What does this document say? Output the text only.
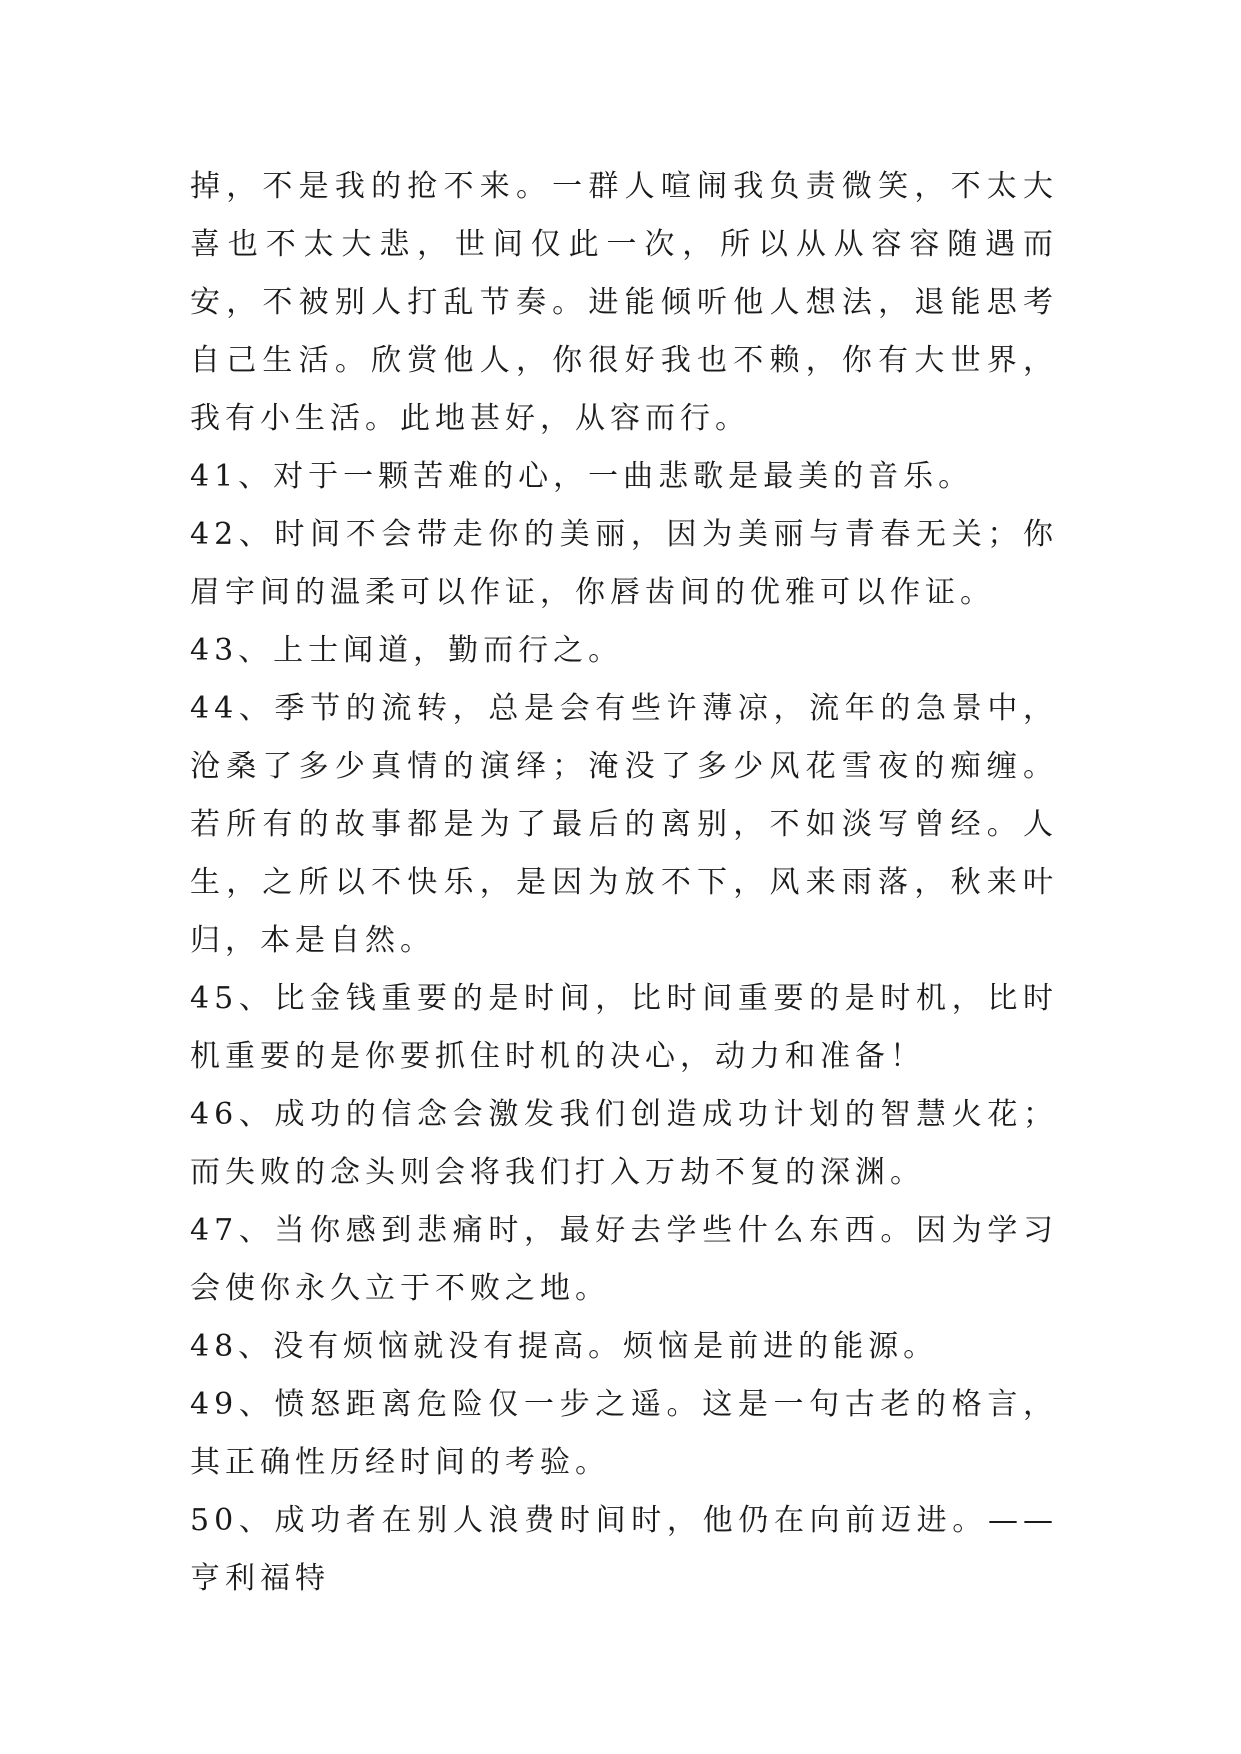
掉，不是我的抢不来。一群人喧闹我负责微笑，不太大喜也不太大悲，世间仅此一次，所以从从容容随遇而安，不被别人打乱节奏。进能倾听他人想法，退能思考自己生活。欣赏他人，你很好我也不赖，你有大世界，我有小生活。此地甚好，从容而行。

41、对于一颗苦难的心，一曲悲歌是最美的音乐。

42、时间不会带走你的美丽，因为美丽与青春无关；你眉宇间的温柔可以作证，你唇齿间的优雅可以作证。

43、上士闻道，勤而行之。

44、季节的流转，总是会有些许薄凉，流年的急景中，沧桑了多少真情的演绎；淹没了多少风花雪夜的痴缠。若所有的故事都是为了最后的离别，不如淡写曾经。人生，之所以不快乐，是因为放不下，风来雨落，秋来叶归，本是自然。

45、比金钱重要的是时间，比时间重要的是时机，比时机重要的是你要抓住时机的决心，动力和准备！

46、成功的信念会激发我们创造成功计划的智慧火花；而失败的念头则会将我们打入万劫不复的深渊。

47、当你感到悲痛时，最好去学些什么东西。因为学习会使你永久立于不败之地。

48、没有烦恼就没有提高。烦恼是前进的能源。

49、愤怒距离危险仅一步之遥。这是一句古老的格言，其正确性历经时间的考验。

50、成功者在别人浪费时间时，他仍在向前迈进。——亨利福特
